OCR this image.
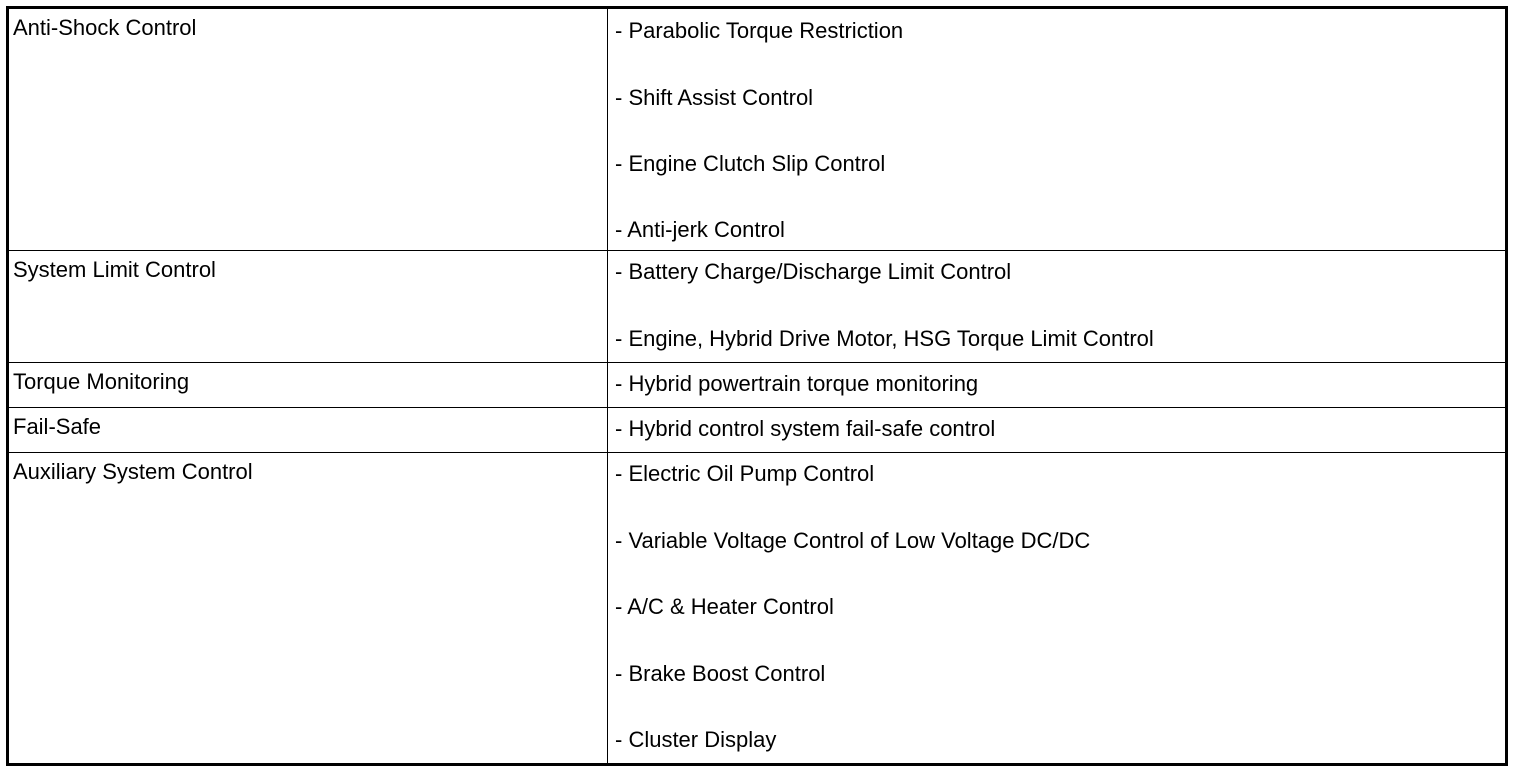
Anti-Shock Control	- Parabolic Torque Restriction
- Shift Assist Control
- Engine Clutch Slip Control
- Anti-jerk Control
System Limit Control	- Battery Charge/Discharge Limit Control
- Engine, Hybrid Drive Motor, HSG Torque Limit Control
Torque Monitoring	- Hybrid powertrain torque monitoring
Fail-Safe	- Hybrid control system fail-safe control
Auxiliary System Control	- Electric Oil Pump Control
- Variable Voltage Control of Low Voltage DC/DC
- A/C & Heater Control
- Brake Boost Control
- Cluster Display
